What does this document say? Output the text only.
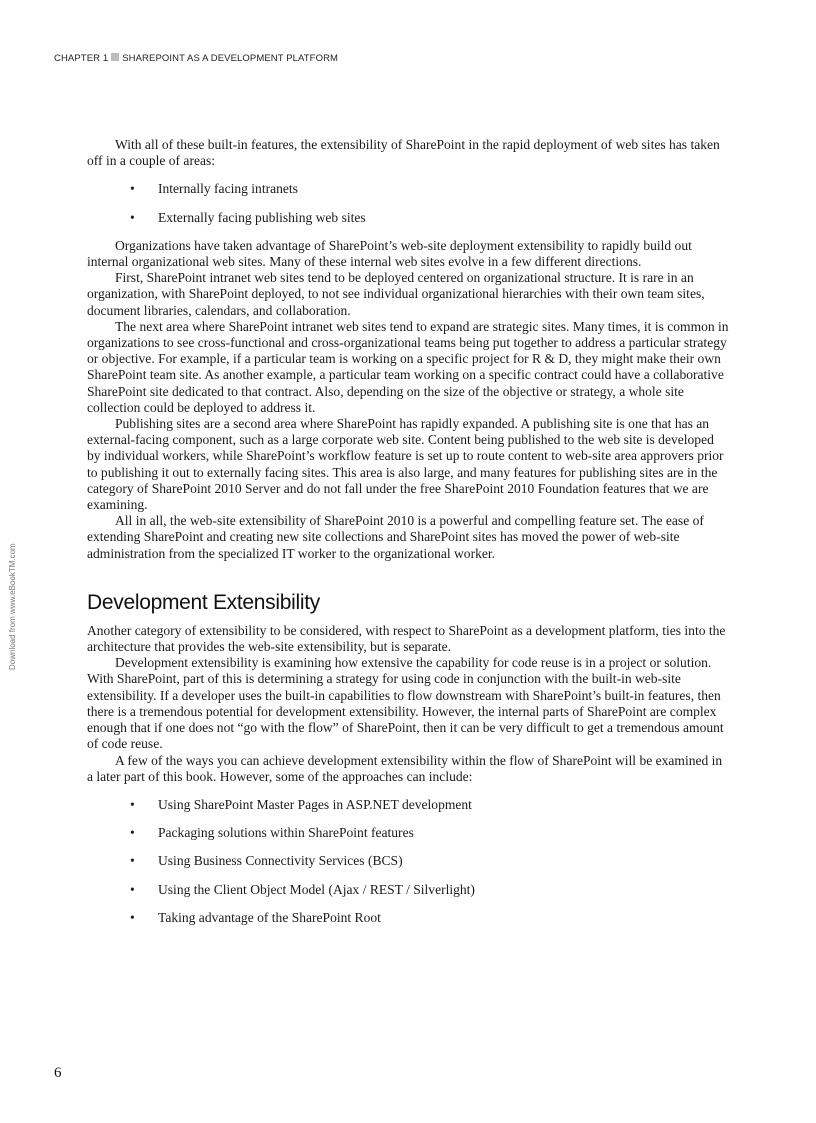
CHAPTER 1 SHAREPOINT AS A DEVELOPMENT PLATFORM
Download from www.eBookTM.com

With all of these built-in features, the extensibility of SharePoint in the rapid deployment of web sites has taken off in a couple of areas:

• Internally facing intranets
• Externally facing publishing web sites

Organizations have taken advantage of SharePoint’s web-site deployment extensibility to rapidly build out internal organizational web sites. Many of these internal web sites evolve in a few different directions.

First, SharePoint intranet web sites tend to be deployed centered on organizational structure. It is rare in an organization, with SharePoint deployed, to not see individual organizational hierarchies with their own team sites, document libraries, calendars, and collaboration.

The next area where SharePoint intranet web sites tend to expand are strategic sites. Many times, it is common in organizations to see cross-functional and cross-organizational teams being put together to address a particular strategy or objective. For example, if a particular team is working on a specific project for R & D, they might make their own SharePoint team site. As another example, a particular team working on a specific contract could have a collaborative SharePoint site dedicated to that contract. Also, depending on the size of the objective or strategy, a whole site collection could be deployed to address it.

Publishing sites are a second area where SharePoint has rapidly expanded. A publishing site is one that has an external-facing component, such as a large corporate web site. Content being published to the web site is developed by individual workers, while SharePoint’s workflow feature is set up to route content to web-site area approvers prior to publishing it out to externally facing sites. This area is also large, and many features for publishing sites are in the category of SharePoint 2010 Server and do not fall under the free SharePoint 2010 Foundation features that we are examining.

All in all, the web-site extensibility of SharePoint 2010 is a powerful and compelling feature set. The ease of extending SharePoint and creating new site collections and SharePoint sites has moved the power of web-site administration from the specialized IT worker to the organizational worker.

Development Extensibility

Another category of extensibility to be considered, with respect to SharePoint as a development platform, ties into the architecture that provides the web-site extensibility, but is separate.

Development extensibility is examining how extensive the capability for code reuse is in a project or solution. With SharePoint, part of this is determining a strategy for using code in conjunction with the built-in web-site extensibility. If a developer uses the built-in capabilities to flow downstream with SharePoint’s built-in features, then there is a tremendous potential for development extensibility. However, the internal parts of SharePoint are complex enough that if one does not “go with the flow” of SharePoint, then it can be very difficult to get a tremendous amount of code reuse.

A few of the ways you can achieve development extensibility within the flow of SharePoint will be examined in a later part of this book. However, some of the approaches can include:

• Using SharePoint Master Pages in ASP.NET development
• Packaging solutions within SharePoint features
• Using Business Connectivity Services (BCS)
• Using the Client Object Model (Ajax / REST / Silverlight)
• Taking advantage of the SharePoint Root
6
